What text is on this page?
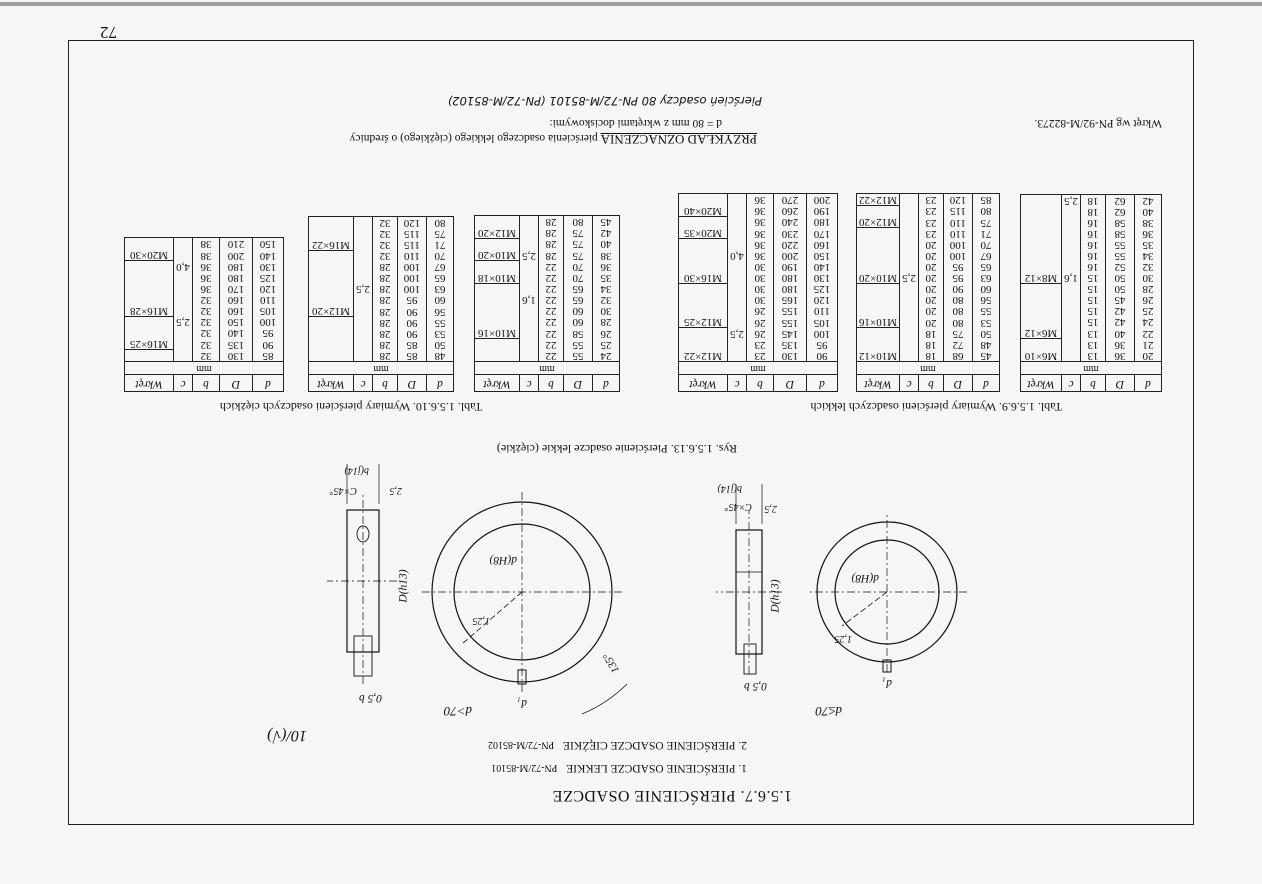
72
1.5.6.7. PIERŚCIENIE OSADCZE
1. PIERŚCIENIE OSADCZE LEKKIE PN-72/M-85101
2. PIERŚCIENIE OSADCZE CIĘŻKIE PN-72/M-85102
10/(√)
d≤70
d₁
0,5 b
D(h13)
d(H8)
1,25
2,5
C×45°
b(j14)
d>70
d₁
0,5 b
D(h13)
d(H8)
1,25
2,5
C×45°
b(j14)
135°
Rys. 1.5.6.13. Pierścienie osadcze lekkie (ciężkie)
Tabl. 1.5.6.9. Wymiary pierścieni osadczych lekkich
Tabl. 1.5.6.10. Wymiary pierścieni osadczych ciężkich
d	D	b	c	Wkręt
mm				
20	36	13		M6×10
21	36	13		
22	40	13		M6×12
24	42	15		
25	42	15		
26	45	15		
28	50	15		
30	50	15	1,6	M8×12
32	52	16		
34	55	16		
35	55	16		
36	58	16		
38	58	16		
40	62	18		
42	62	18	2,5	
d	D	b	c	Wkręt
mm				
45	68	18		M10×12
48	72	18		
50	75	18		
53	80	20		M10×16
55	80	20		
56	80	20		
60	90	20		
63	95	20	2,5	M10×20
65	95	20		
67	100	20		
70	100	20		
71	110	23		
75	110	23		M12×20
80	115	23		
85	120	23		M12×22
d	D	b	c	Wkręt
mm				
90	130	23		M12×22
95	135	23		
100	145	26	2,5	
105	155	26		M12×25
110	155	26		
120	165	30		
125	180	30		
130	180	30		M16×30
140	190	30		
150	200	36	4,0	
160	220	36		
170	230	36		M20×35
180	240	36		
190	260	36		M20×40
200	270	36		
d	D	b	c	Wkręt
mm				
24	55	22		
25	55	22		
26	58	22		M10×16
28	60	22		
30	60	22		
32	65	22	1,6	
34	65	22		
35	70	22		M10×18
36	70	22		
38	75	28	2,5	M10×20
40	75	28		
42	75	28		M12×20
45	80	28		
d	D	b	c	Wkręt
mm				
48	85	28		
50	85	28		
53	90	28		
55	90	28		
56	90	28		M12×20
60	95	28		
63	100	28	2,5	
65	100	28		
67	100	28		
70	110	32		
71	115	32		M16×22
75	115	32		
80	120	32		
d	D	b	c	Wkręt
mm				
85	130	32		
90	135	32		M16×25
95	140	32		
100	150	32	2,5	
105	160	32		M16×28
110	160	32		
120	170	36		
125	180	36		
130	180	36	4,0	
140	200	38		M20×30
150	210	38		
Wkręt wg PN-92/M-82273.
PRZYKŁAD OZNACZENIA pierścienia osadczego lekkiego (ciężkiego) o średnicy
d = 80 mm z wkrętami dociskowymi:
Pierścień osadczy 80 PN-72/M-85101 (PN-72/M-85102)
